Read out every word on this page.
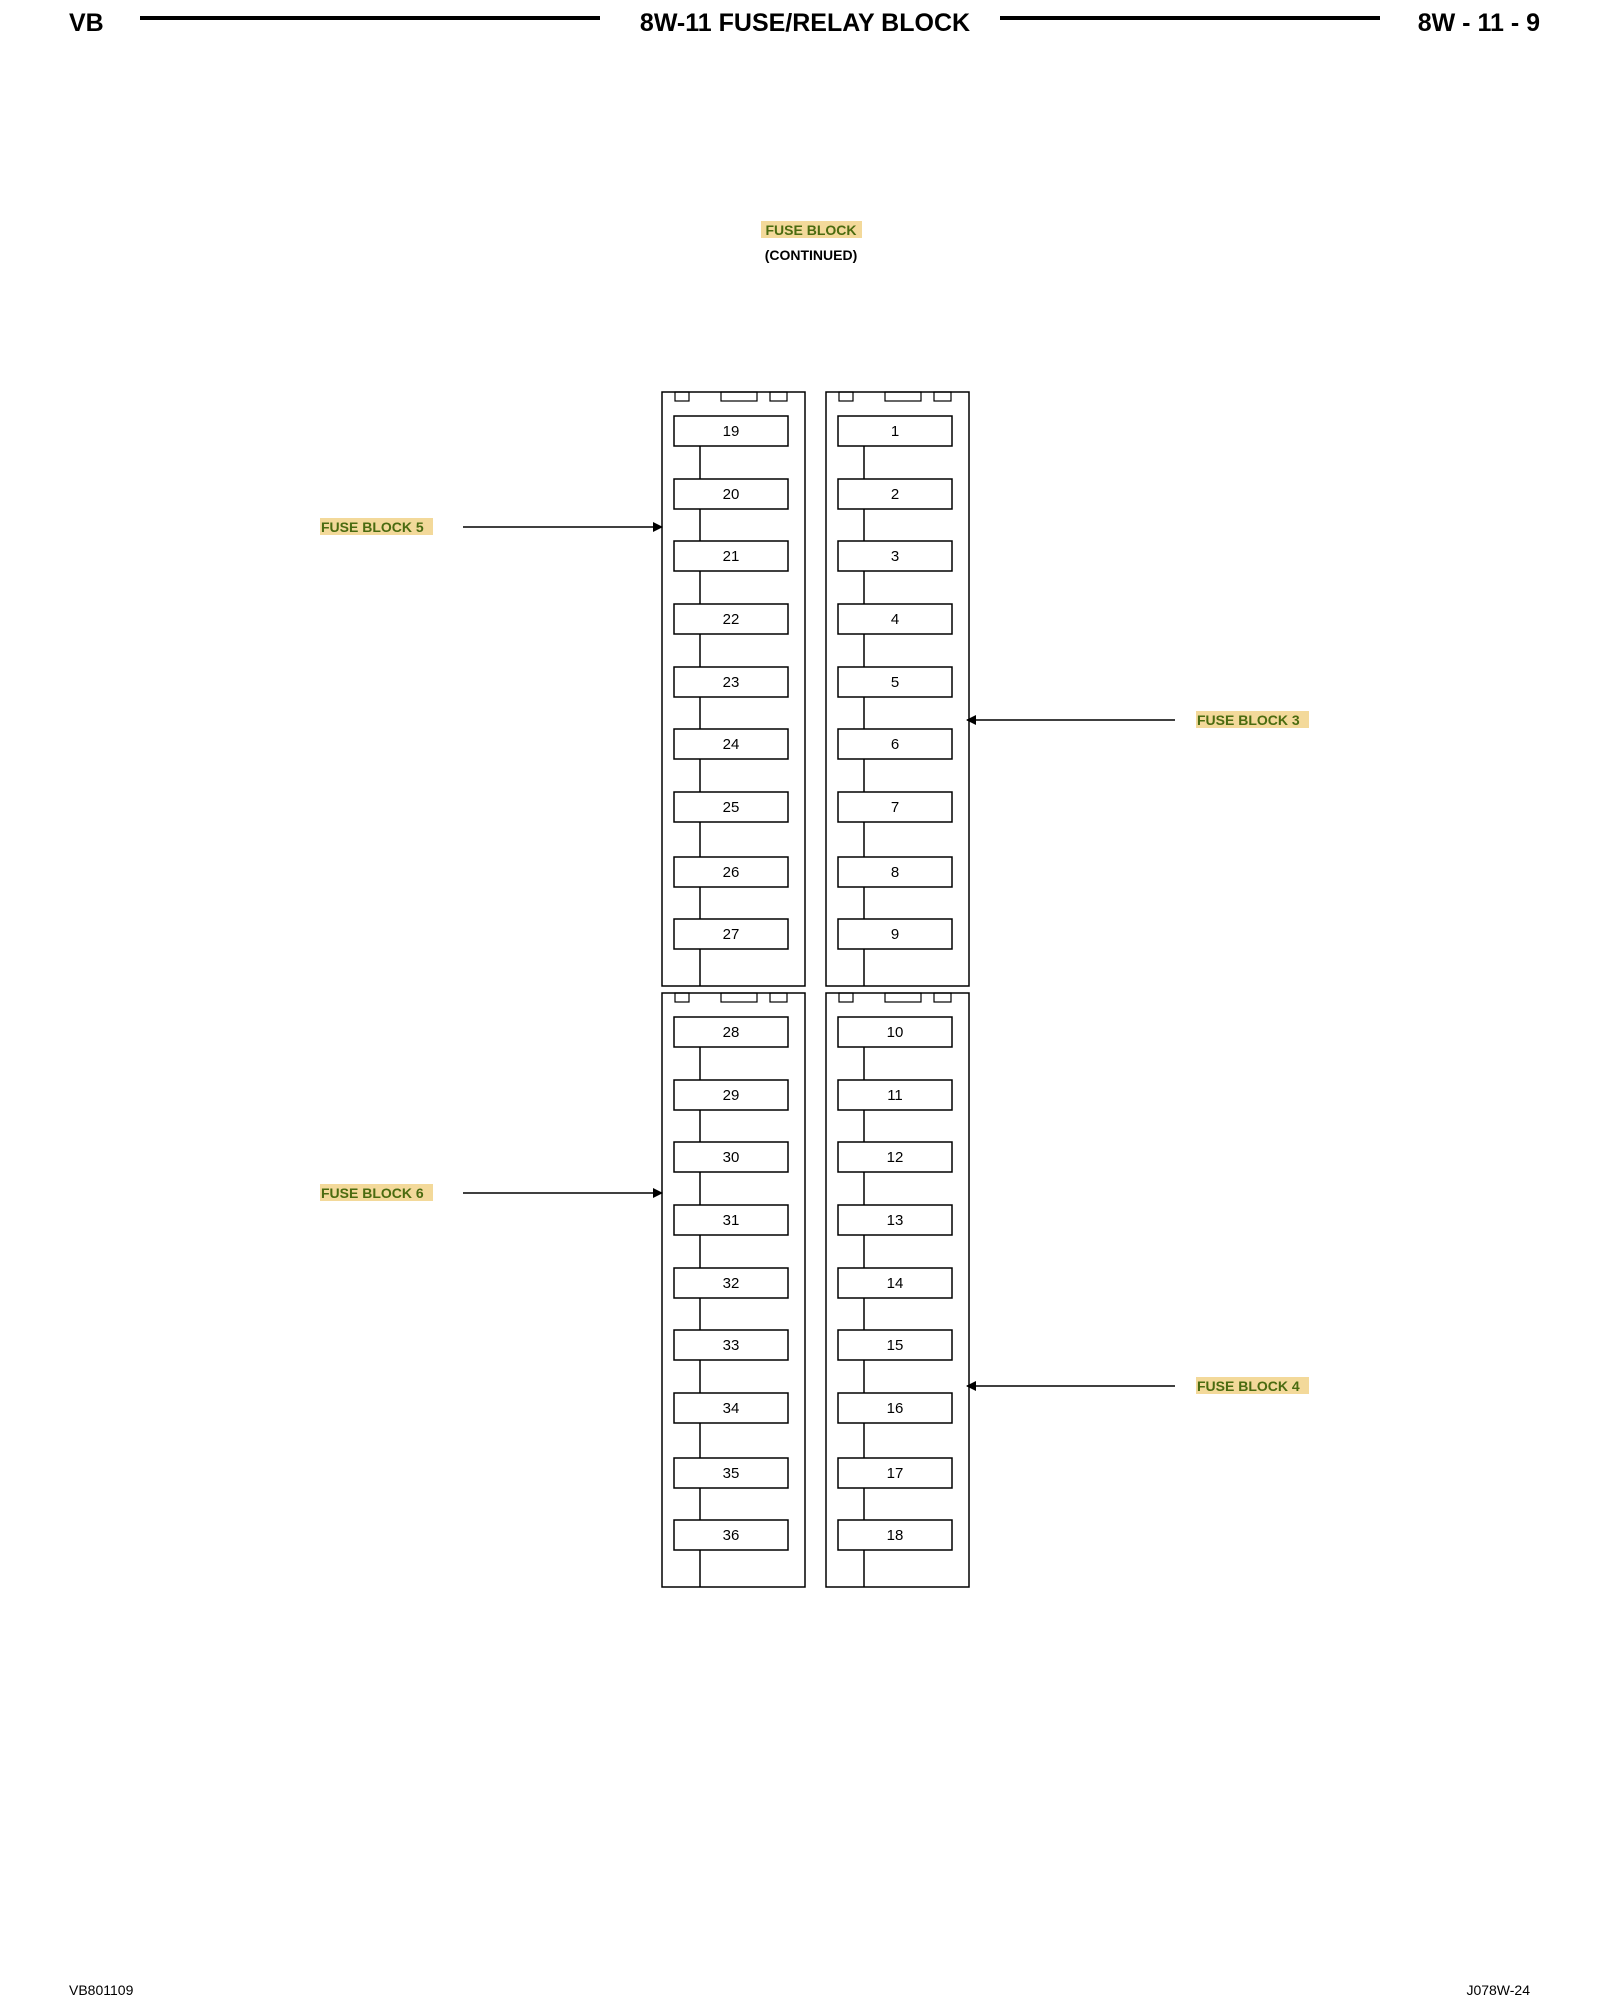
VB	8W-11 FUSE/RELAY BLOCK	8W - 11 - 9
FUSE BLOCK
(CONTINUED)
FUSE BLOCK 5
FUSE BLOCK 3
FUSE BLOCK 6
FUSE BLOCK 4
19
20
21
22
23
24
25
26
27
1
2
3
4
5
6
7
8
9
28
29
30
31
32
33
34
35
36
10
11
12
13
14
15
16
17
18
VB801109	J078W-24
